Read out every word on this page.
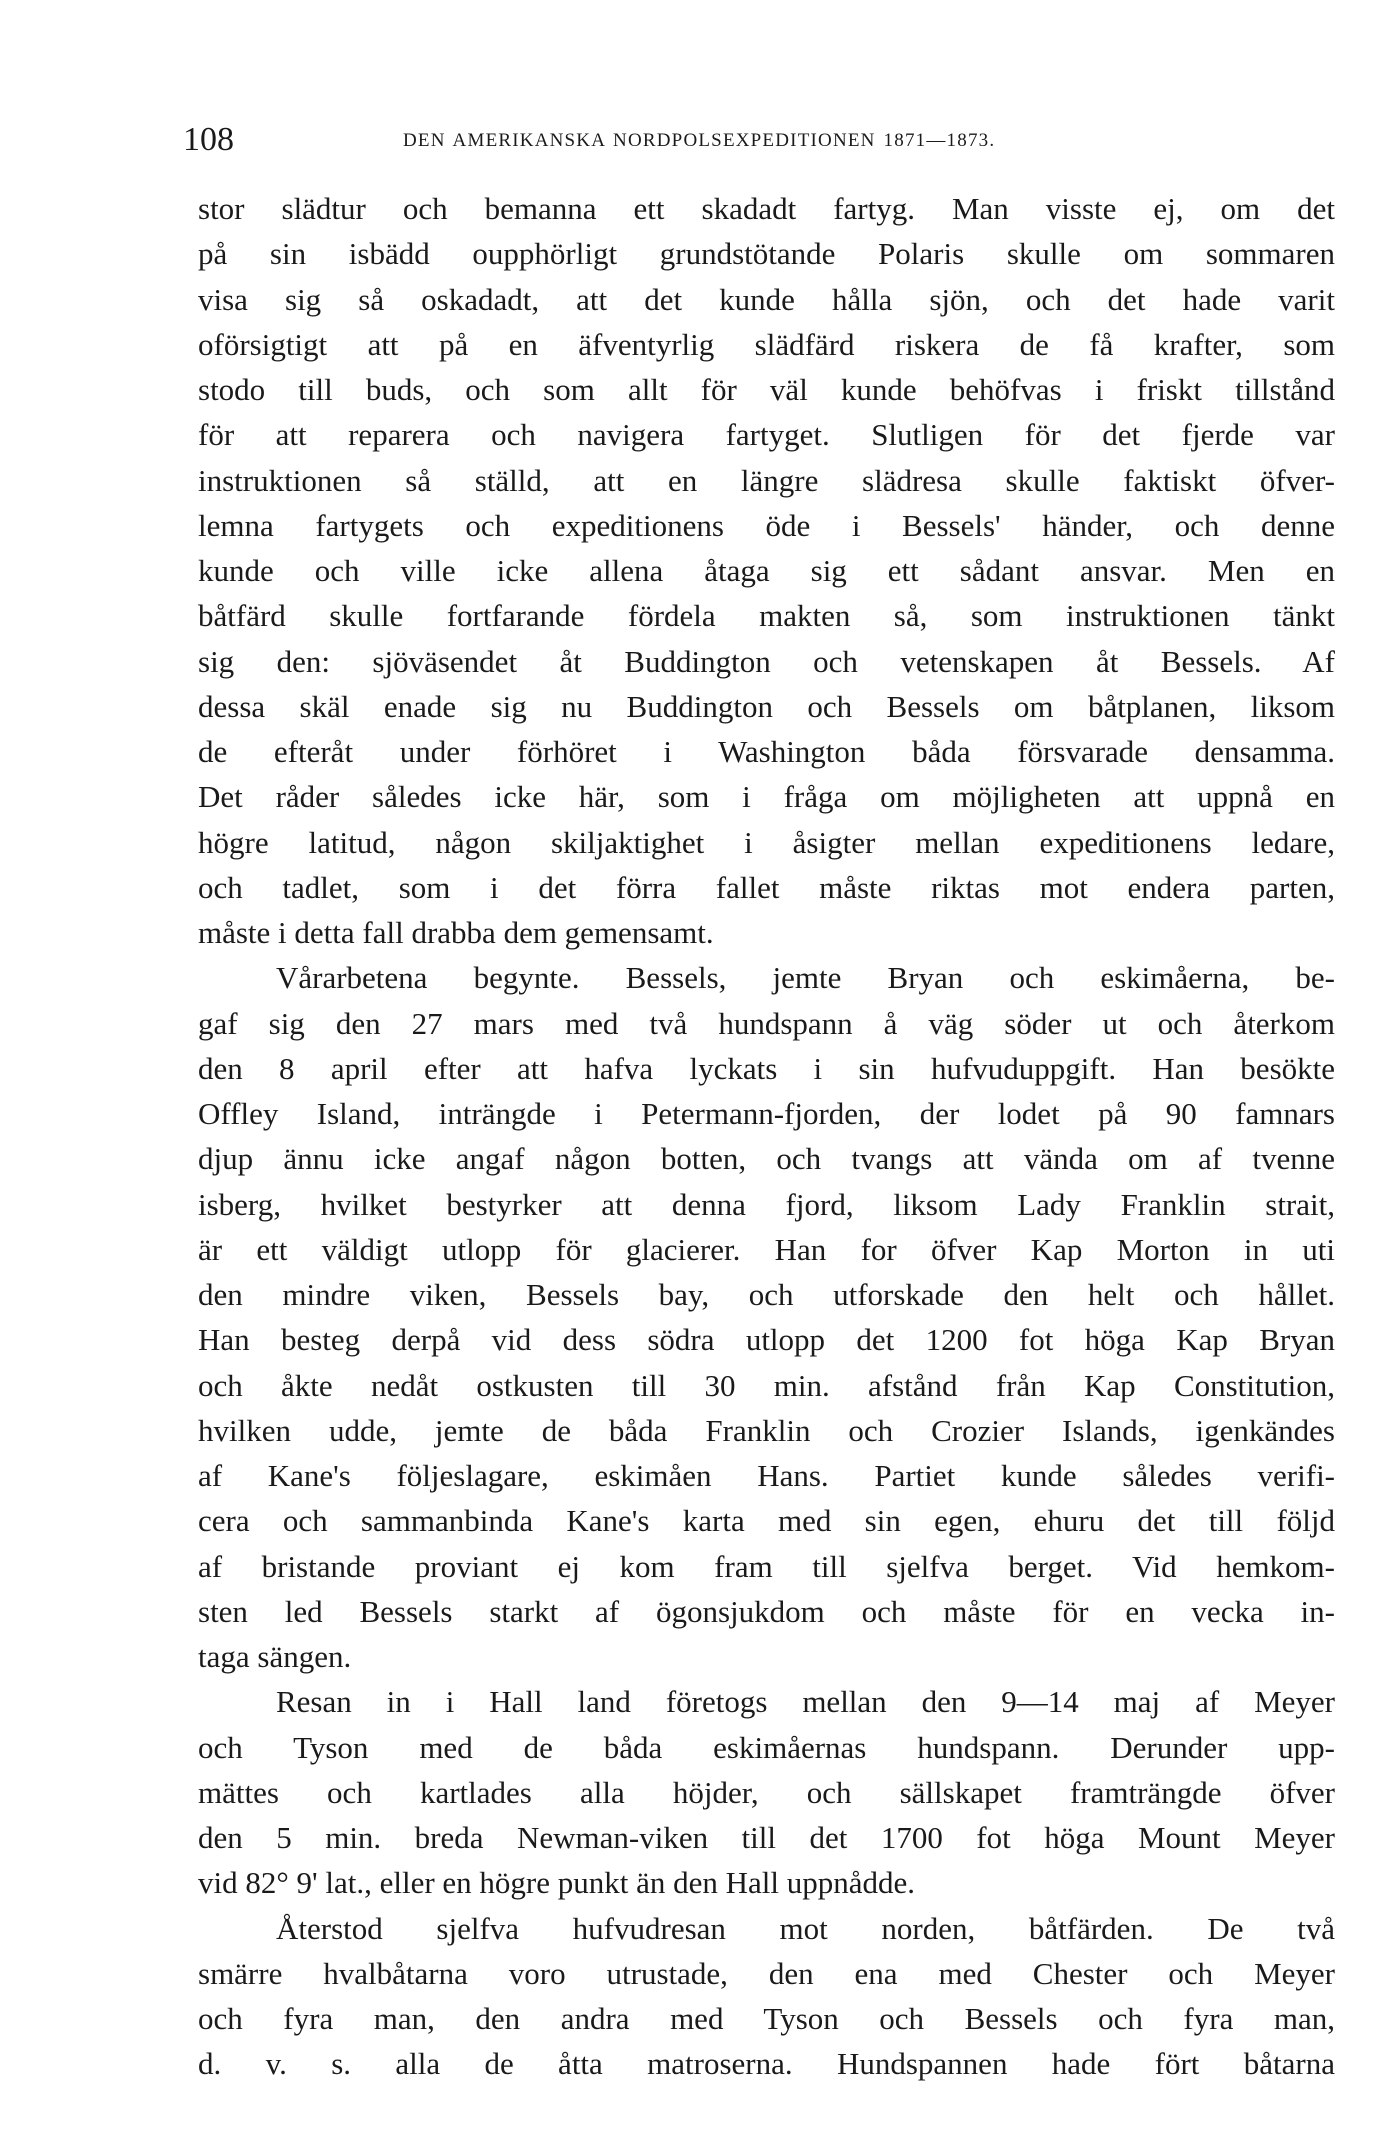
108	DEN AMERIKANSKA NORDPOLSEXPEDITIONEN 1871—1873.
stor slädtur och bemanna ett skadadt fartyg. Man visste ej, om det
på sin isbädd oupphörligt grundstötande Polaris skulle om sommaren
visa sig så oskadadt, att det kunde hålla sjön, och det hade varit
oförsigtigt att på en äfventyrlig slädfärd riskera de få krafter, som
stodo till buds, och som allt för väl kunde behöfvas i friskt tillstånd
för att reparera och navigera fartyget. Slutligen för det fjerde var
instruktionen så ställd, att en längre slädresa skulle faktiskt öfver-
lemna fartygets och expeditionens öde i Bessels' händer, och denne
kunde och ville icke allena åtaga sig ett sådant ansvar. Men en
båtfärd skulle fortfarande fördela makten så, som instruktionen tänkt
sig den: sjöväsendet åt Buddington och vetenskapen åt Bessels. Af
dessa skäl enade sig nu Buddington och Bessels om båtplanen, liksom
de efteråt under förhöret i Washington båda försvarade densamma.
Det råder således icke här, som i fråga om möjligheten att uppnå en
högre latitud, någon skiljaktighet i åsigter mellan expeditionens ledare,
och tadlet, som i det förra fallet måste riktas mot endera parten,
måste i detta fall drabba dem gemensamt.
Vårarbetena begynte. Bessels, jemte Bryan och eskimåerna, be-
gaf sig den 27 mars med två hundspann å väg söder ut och återkom
den 8 april efter att hafva lyckats i sin hufvuduppgift. Han besökte
Offley Island, inträngde i Petermann-fjorden, der lodet på 90 famnars
djup ännu icke angaf någon botten, och tvangs att vända om af tvenne
isberg, hvilket bestyrker att denna fjord, liksom Lady Franklin strait,
är ett väldigt utlopp för glacierer. Han for öfver Kap Morton in uti
den mindre viken, Bessels bay, och utforskade den helt och hållet.
Han besteg derpå vid dess södra utlopp det 1200 fot höga Kap Bryan
och åkte nedåt ostkusten till 30 min. afstånd från Kap Constitution,
hvilken udde, jemte de båda Franklin och Crozier Islands, igenkändes
af Kane's följeslagare, eskimåen Hans. Partiet kunde således verifi-
cera och sammanbinda Kane's karta med sin egen, ehuru det till följd
af bristande proviant ej kom fram till sjelfva berget. Vid hemkom-
sten led Bessels starkt af ögonsjukdom och måste för en vecka in-
taga sängen.
Resan in i Hall land företogs mellan den 9—14 maj af Meyer
och Tyson med de båda eskimåernas hundspann. Derunder upp-
mättes och kartlades alla höjder, och sällskapet framträngde öfver
den 5 min. breda Newman-viken till det 1700 fot höga Mount Meyer
vid 82° 9' lat., eller en högre punkt än den Hall uppnådde.
Återstod sjelfva hufvudresan mot norden, båtfärden. De två
smärre hvalbåtarna voro utrustade, den ena med Chester och Meyer
och fyra man, den andra med Tyson och Bessels och fyra man,
d. v. s. alla de åtta matroserna. Hundspannen hade fört båtarna
